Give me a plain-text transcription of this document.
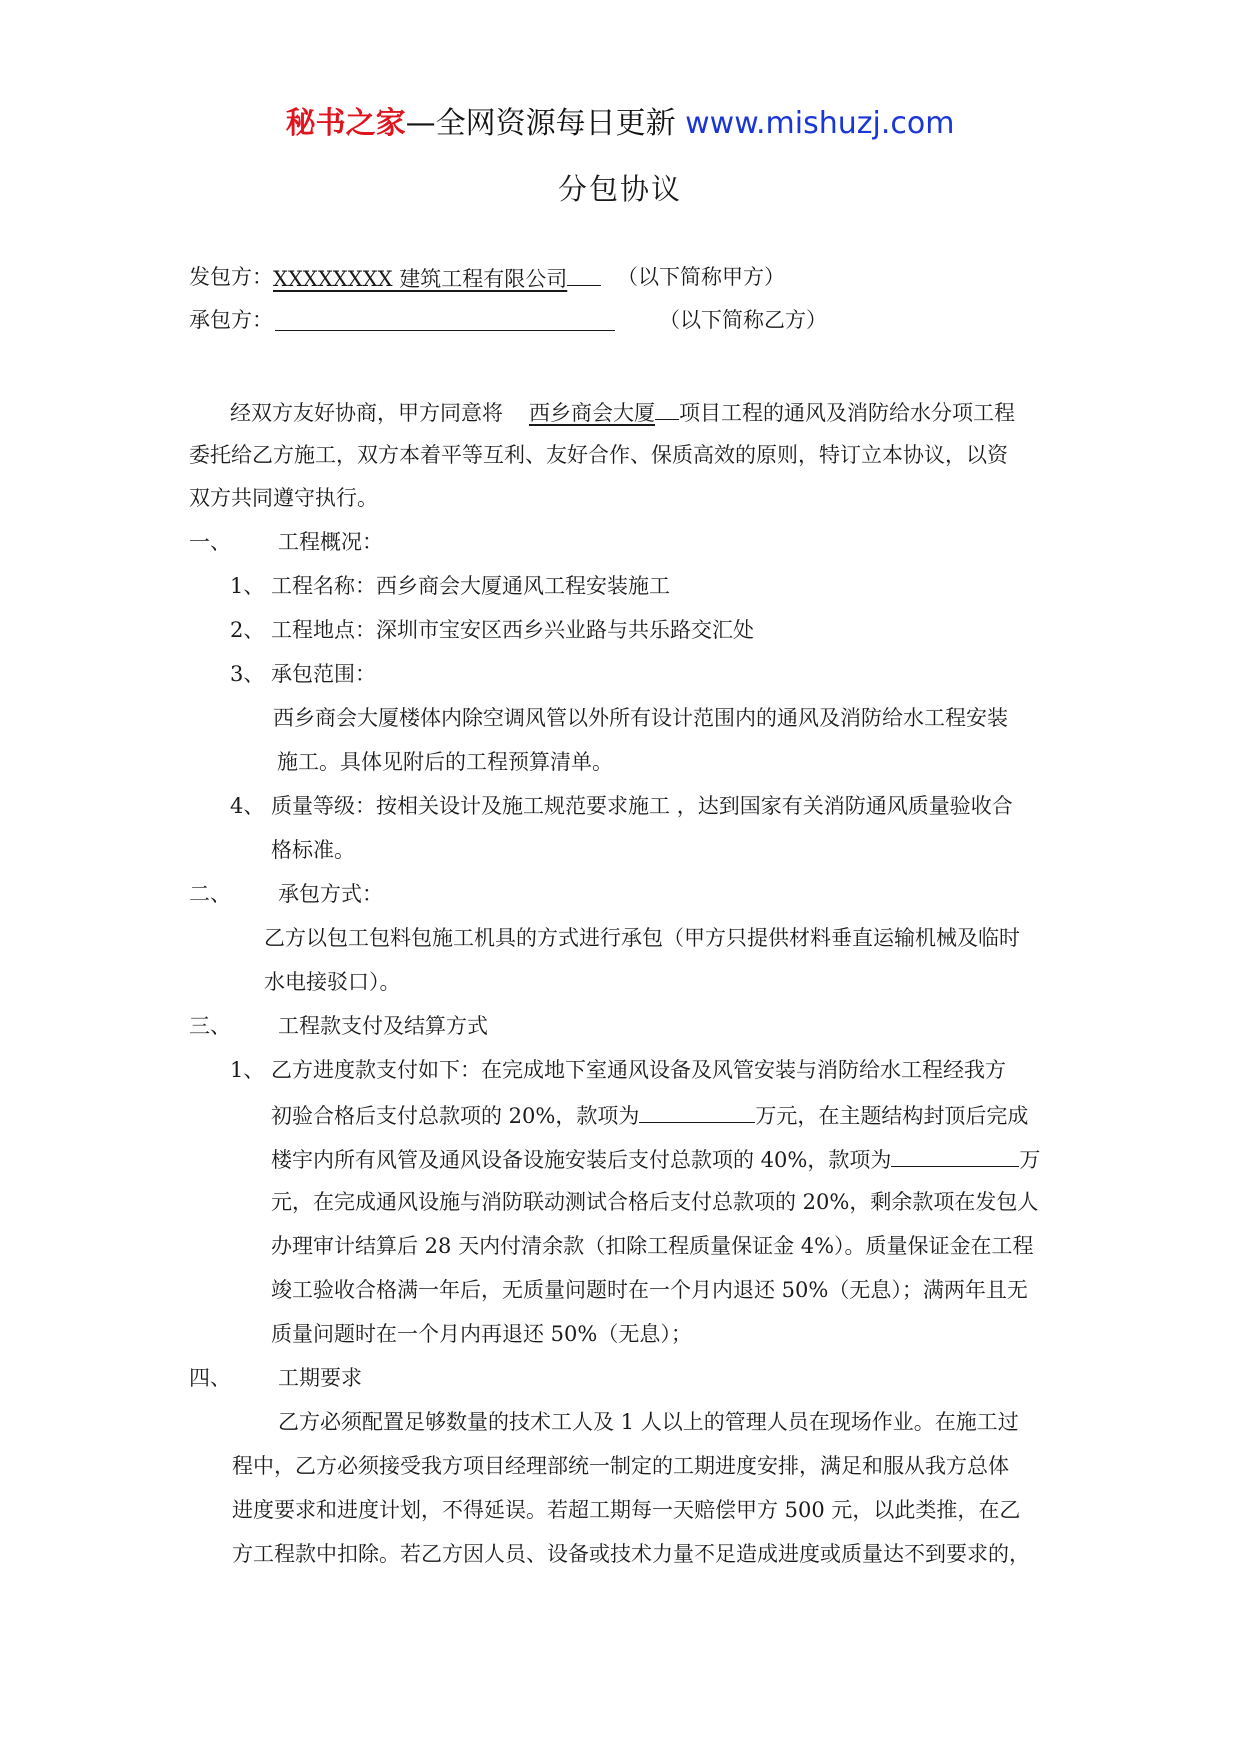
秘书之家—全网资源每日更新 www.mishuzj.com
分包协议
发包方： XXXXXXXX 建筑工程有限公司	（以下简称甲方）
承包方：	（以下简称乙方）
经双方友好协商，甲方同意将 西乡商会大厦 项目工程的通风及消防给水分项工程
委托给乙方施工，双方本着平等互利、友好合作、保质高效的原则，特订立本协议，以资
双方共同遵守执行。
一、 工程概况：
1、 工程名称：西乡商会大厦通风工程安装施工
2、 工程地点：深圳市宝安区西乡兴业路与共乐路交汇处
3、 承包范围：
西乡商会大厦楼体内除空调风管以外所有设计范围内的通风及消防给水工程安装
施工。具体见附后的工程预算清单。
4、 质量等级：按相关设计及施工规范要求施工 ，达到国家有关消防通风质量验收合
格标准。
二、 承包方式：
乙方以包工包料包施工机具的方式进行承包（甲方只提供材料垂直运输机械及临时
水电接驳口）。
三、 工程款支付及结算方式
1、 乙方进度款支付如下：在完成地下室通风设备及风管安装与消防给水工程经我方
初验合格后支付总款项的 20%，款项为	万元，在主题结构封顶后完成
楼宇内所有风管及通风设备设施安装后支付总款项的 40%，款项为	万
元，在完成通风设施与消防联动测试合格后支付总款项的 20%，剩余款项在发包人
办理审计结算后 28 天内付清余款（扣除工程质量保证金 4%）。质量保证金在工程
竣工验收合格满一年后，无质量问题时在一个月内退还 50%（无息）；满两年且无
质量问题时在一个月内再退还 50%（无息）；
四、 工期要求
乙方必须配置足够数量的技术工人及 1 人以上的管理人员在现场作业。在施工过
程中，乙方必须接受我方项目经理部统一制定的工期进度安排，满足和服从我方总体
进度要求和进度计划，不得延误。若超工期每一天赔偿甲方 500 元，以此类推，在乙
方工程款中扣除。若乙方因人员、设备或技术力量不足造成进度或质量达不到要求的，
